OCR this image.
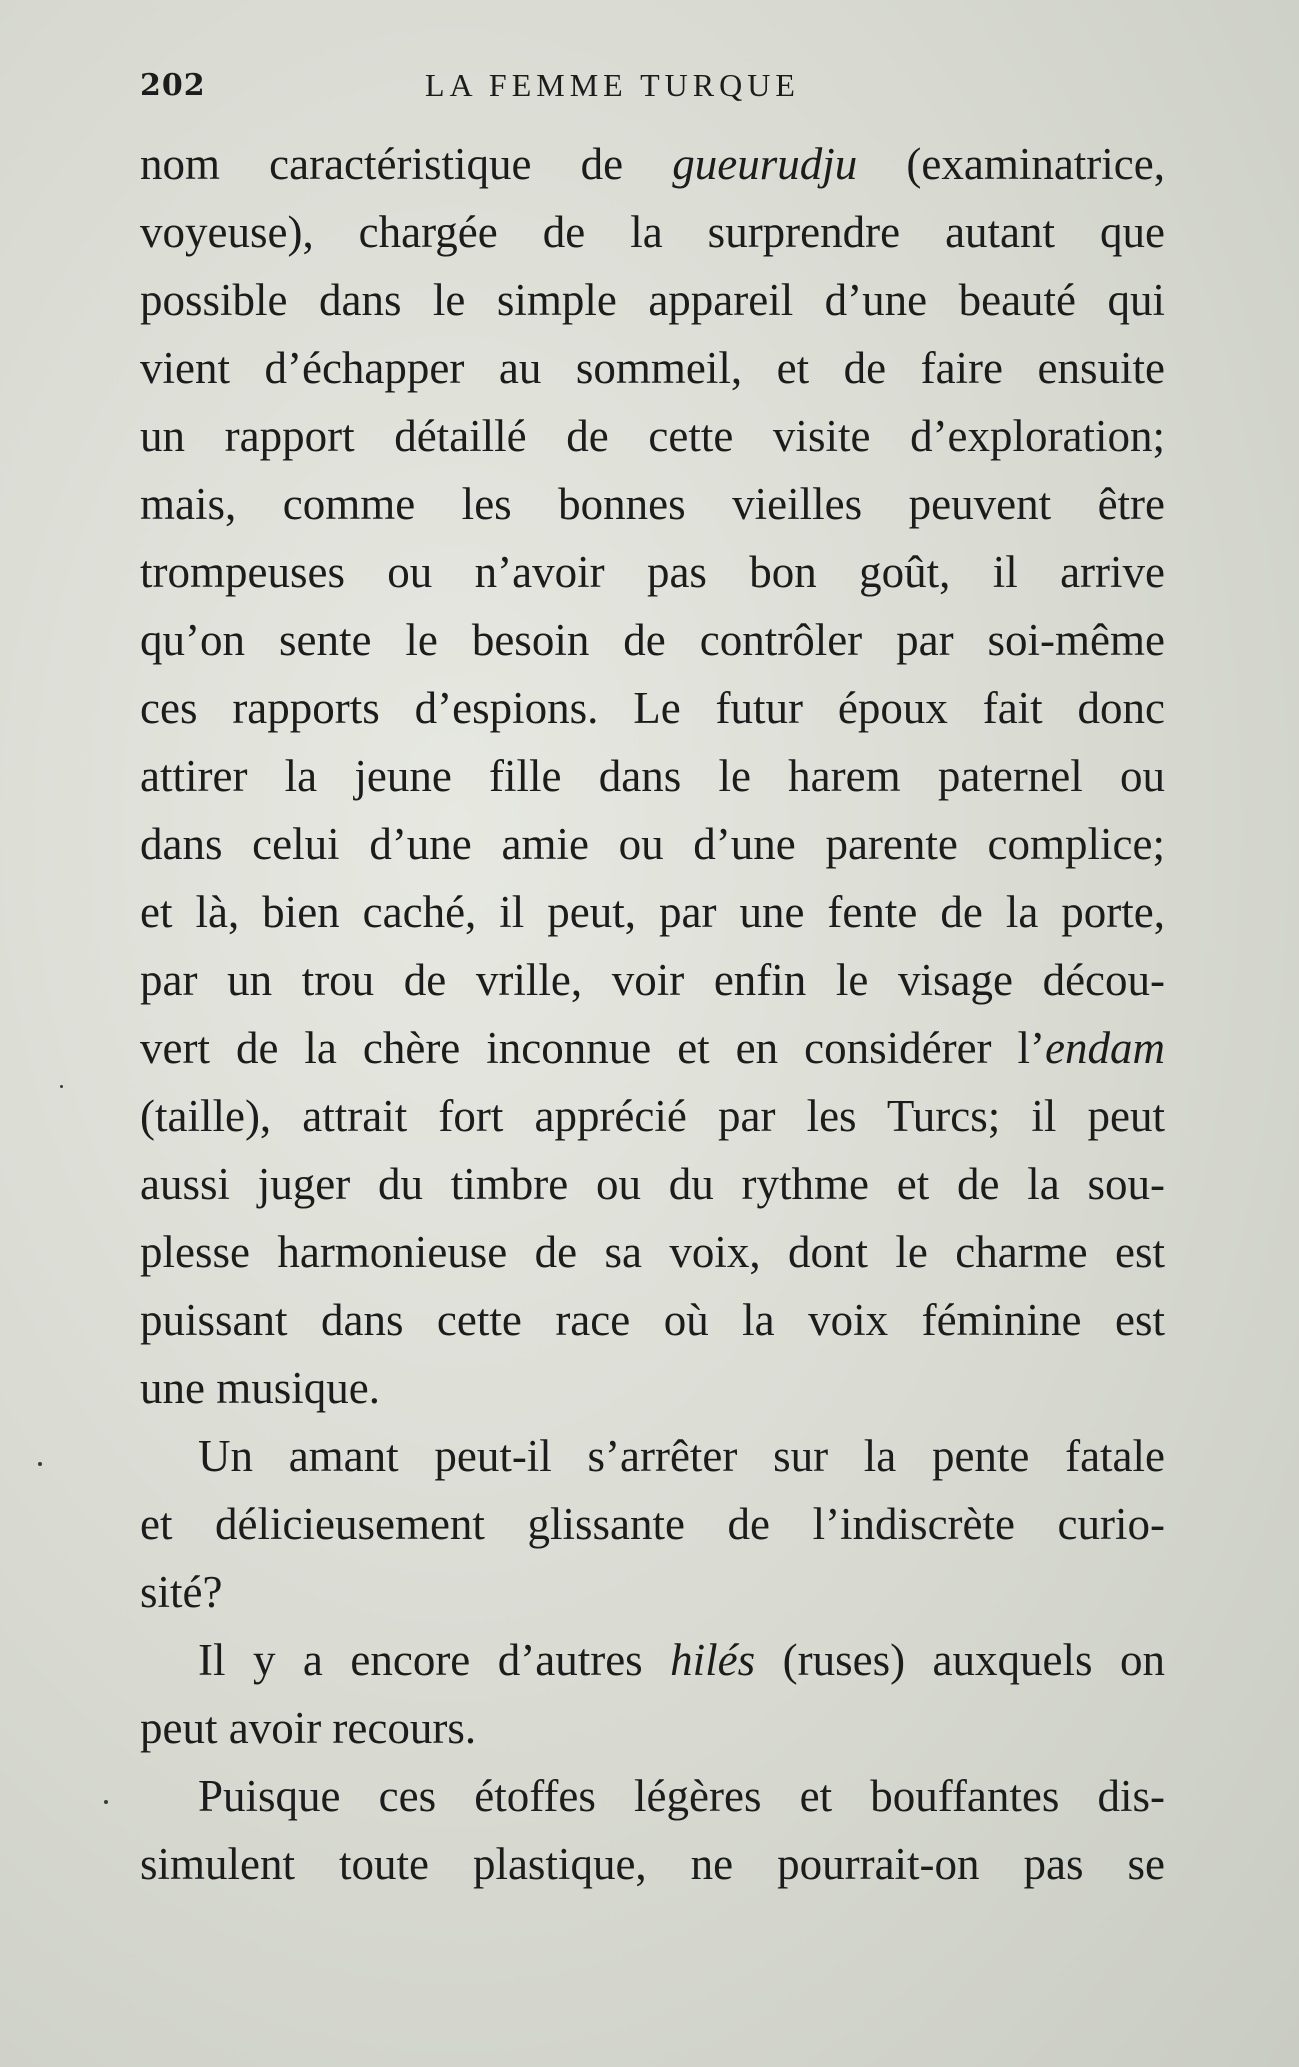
202	LA FEMME TURQUE
nom caractéristique de gueurudju (examinatrice,
voyeuse), chargée de la surprendre autant que
possible dans le simple appareil d’une beauté qui
vient d’échapper au sommeil, et de faire ensuite
un rapport détaillé de cette visite d’exploration;
mais, comme les bonnes vieilles peuvent être
trompeuses ou n’avoir pas bon goût, il arrive
qu’on sente le besoin de contrôler par soi-même
ces rapports d’espions. Le futur époux fait donc
attirer la jeune fille dans le harem paternel ou
dans celui d’une amie ou d’une parente complice;
et là, bien caché, il peut, par une fente de la porte,
par un trou de vrille, voir enfin le visage décou-
vert de la chère inconnue et en considérer l’endam
(taille), attrait fort apprécié par les Turcs; il peut
aussi juger du timbre ou du rythme et de la sou-
plesse harmonieuse de sa voix, dont le charme est
puissant dans cette race où la voix féminine est
une musique.
Un amant peut-il s’arrêter sur la pente fatale
et délicieusement glissante de l’indiscrète curio-
sité?
Il y a encore d’autres hilés (ruses) auxquels on
peut avoir recours.
Puisque ces étoffes légères et bouffantes dis-
simulent toute plastique, ne pourrait-on pas se
